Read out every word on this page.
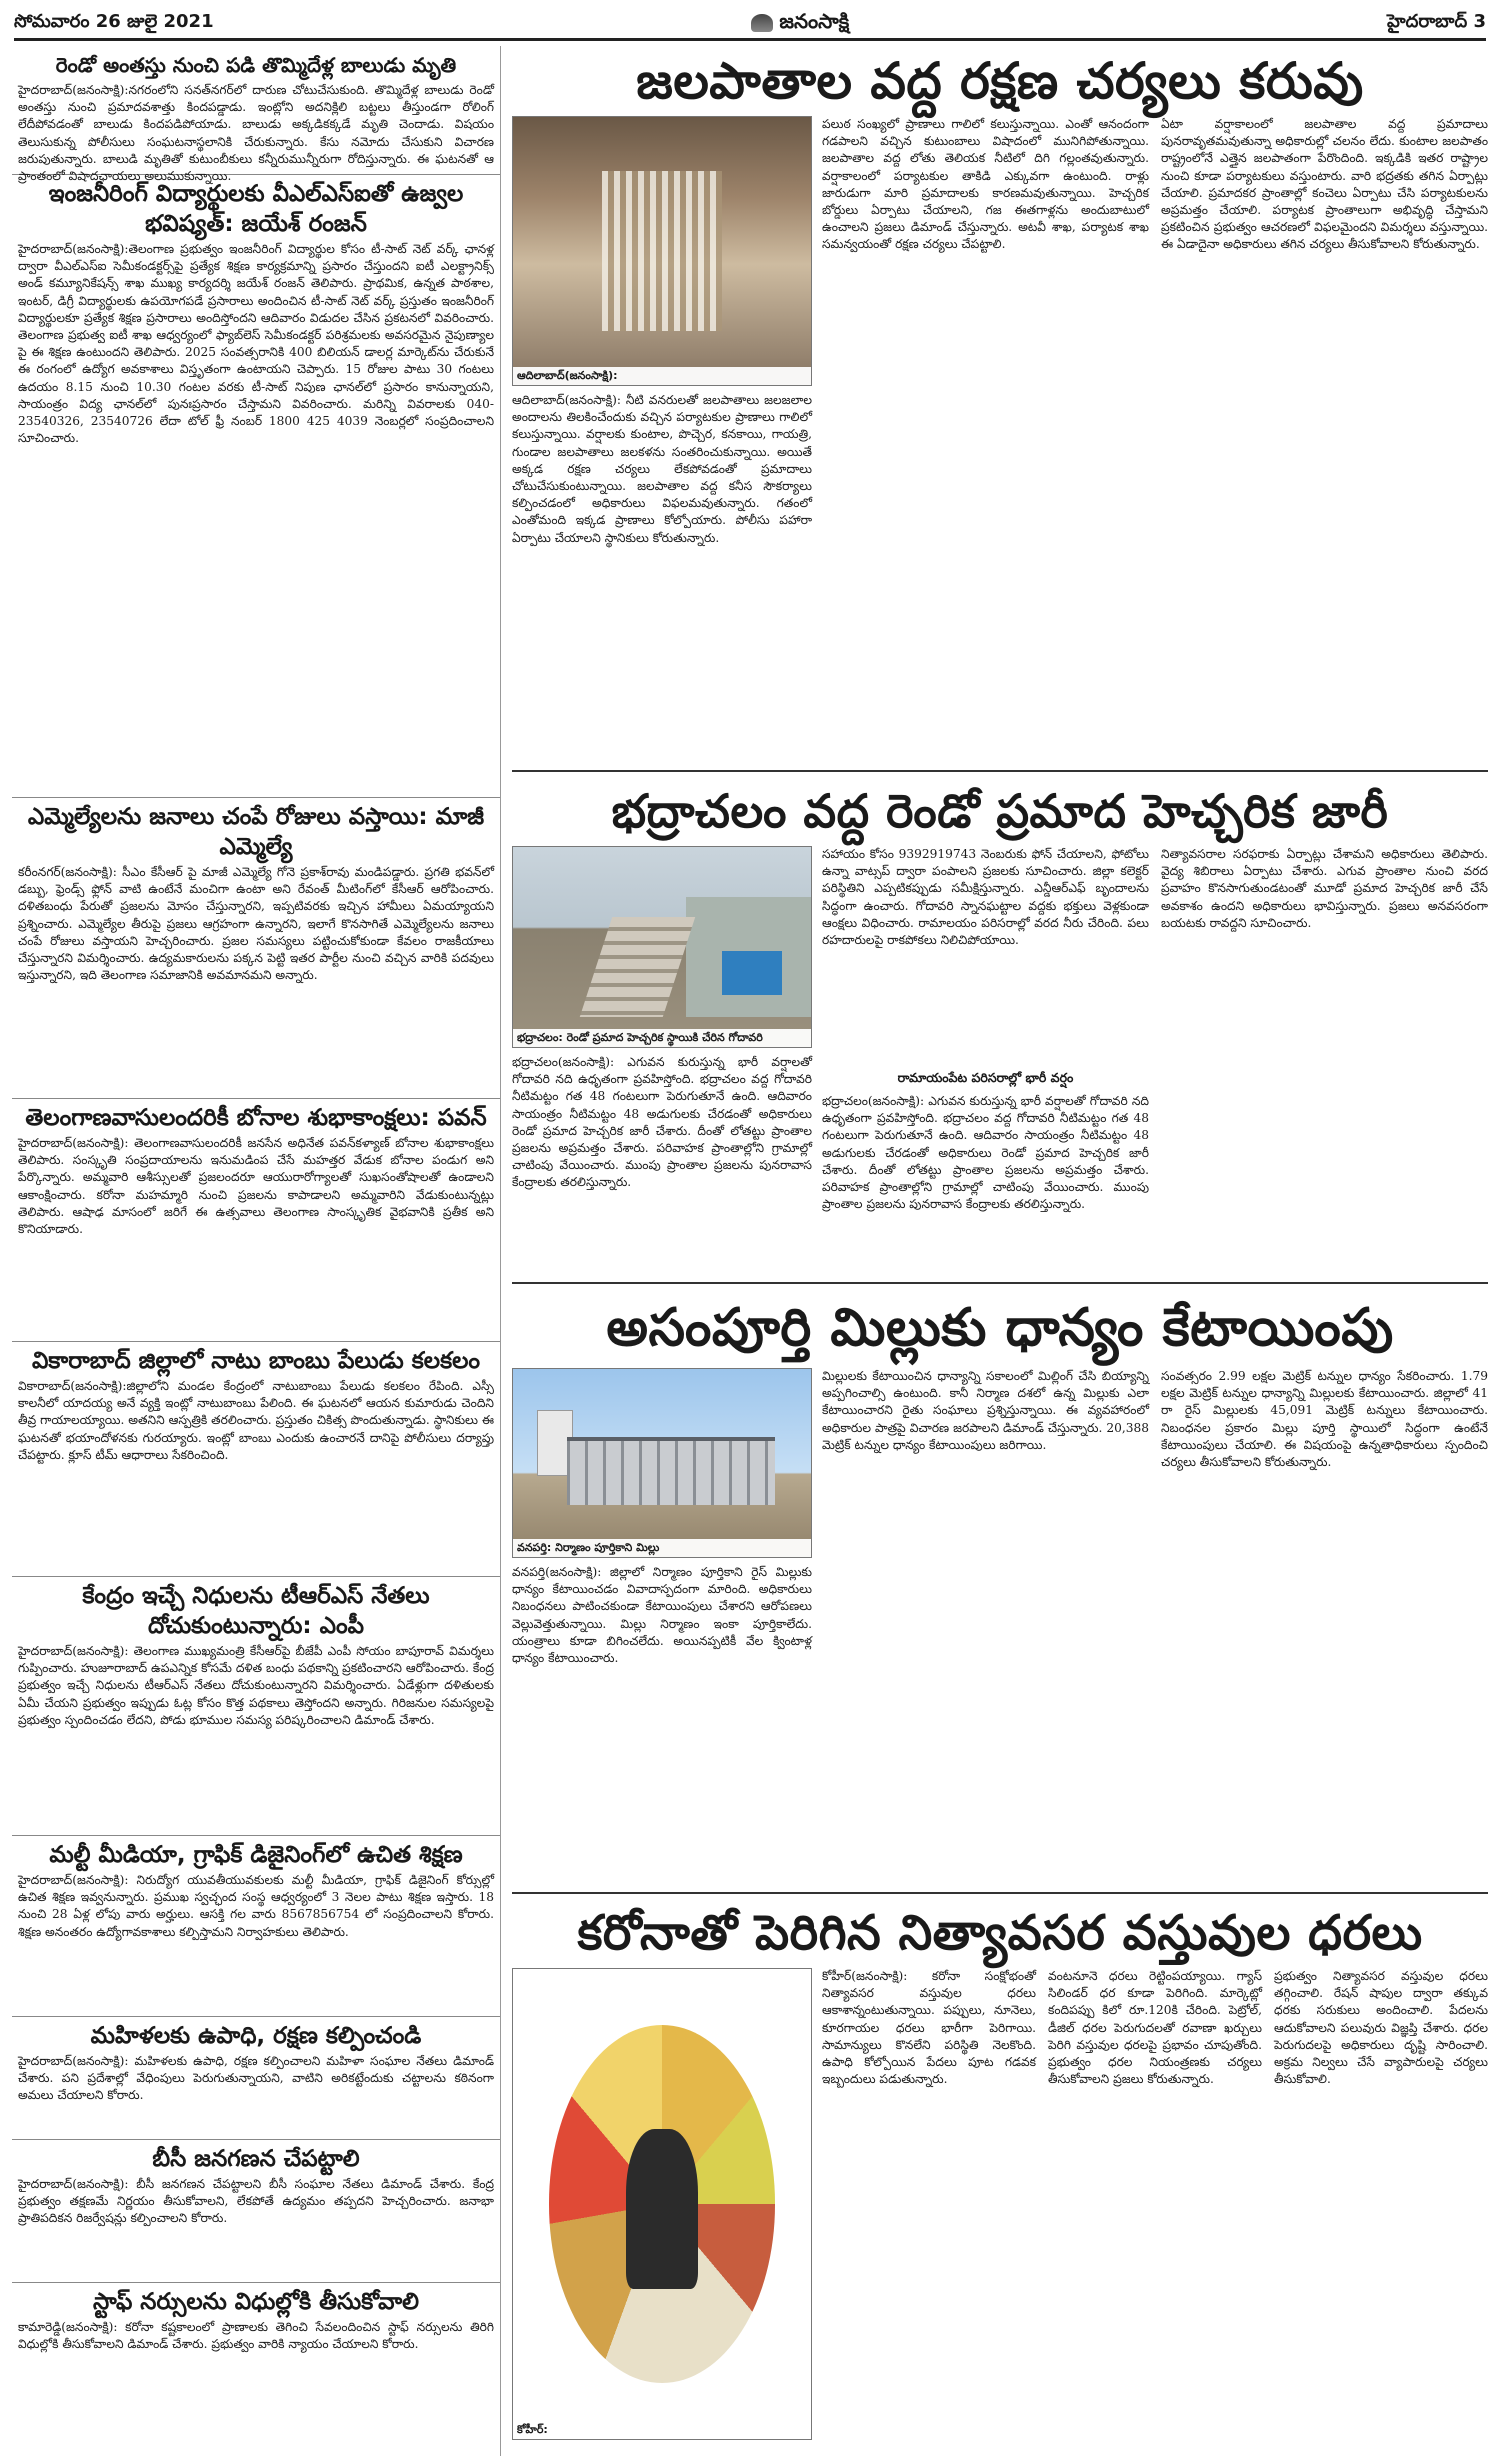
సోమవారం 26 జులై 2021	జనంసాక్షి	హైదరాబాద్ 3
రెండో అంతస్తు నుంచి పడి తొమ్మిదేళ్ల బాలుడు మృతి

హైదరాబాద్‌(జనంసాక్షి):నగరంలోని సనత్‌నగర్‌లో దారుణ చోటుచేసుకుంది. తొమ్మిదేళ్ల బాలుడు రెండో అంతస్తు నుంచి ప్రమాదవశాత్తు కిందపడ్డాడు. ఇంట్లోని అదనిక్లిలి బట్టలు తీస్తుండగా రోలింగ్‌ లేదీపోవడంతో బాలుడు కిందపడిపోయాడు. బాలుడు అక్కడికక్కడే మృతి చెందాడు. విషయం తెలుసుకున్న పోలీసులు సంఘటనాస్థలానికి చేరుకున్నారు. కేసు నమోదు చేసుకుని విచారణ జరుపుతున్నారు. బాలుడి మృతితో కుటుంబీకులు కన్నీరుమున్నీరుగా రోదిస్తున్నారు. ఈ ఘటనతో ఆ ప్రాంతంలో విషాదఛాయలు అలుముకున్నాయి.

ఇంజనీరింగ్‌ విద్యార్థులకు వీఎల్‌ఎస్‌ఐతో ఉజ్వల భవిష్యత్‌: జయేశ్‌ రంజన్‌

హైదరాబాద్‌(జనంసాక్షి):తెలంగాణ ప్రభుత్వం ఇంజనీరింగ్‌ విద్యార్థుల కోసం టీ-సాట్‌ నెట్‌ వర్క్‌ ఛానళ్ల ద్వారా వీఎల్‌ఎస్‌ఐ సెమీకండక్టర్స్‌పై ప్రత్యేక శిక్షణ కార్యక్రమాన్ని ప్రసారం చేస్తుందని ఐటీ ఎలక్ట్రానిక్స్‌ అండ్‌ కమ్యూనికేషన్స్‌ శాఖ ముఖ్య కార్యదర్శి జయేశ్‌ రంజన్‌ తెలిపారు. ప్రాథమిక, ఉన్నత పాఠశాల, ఇంటర్‌, డిగ్రీ విద్యార్థులకు ఉపయోగపడే ప్రసారాలు అందించిన టీ-సాట్‌ నెట్‌ వర్క్‌ ప్రస్తుతం ఇంజనీరింగ్‌ విద్యార్థులకూ ప్రత్యేక శిక్షణ ప్రసారాలు అందిస్తోందని ఆదివారం విడుదల చేసిన ప్రకటనలో వివరించారు. తెలంగాణ ప్రభుత్వ ఐటీ శాఖ ఆధ్వర్యంలో ఫ్యాబ్‌లెస్‌ సెమీకండక్టర్‌ పరిశ్రమలకు అవసరమైన నైపుణ్యాల పై ఈ శిక్షణ ఉంటుందని తెలిపారు. 2025 సంవత్సరానికి 400 బిలియన్‌ డాలర్ల మార్కెట్‌ను చేరుకునే ఈ రంగంలో ఉద్యోగ అవకాశాలు విస్తృతంగా ఉంటాయని చెప్పారు. 15 రోజుల పాటు 30 గంటలు ఉదయం 8.15 నుంచి 10.30 గంటల వరకు టీ-సాట్‌ నిపుణ ఛానల్‌లో ప్రసారం కానున్నాయని, సాయంత్రం విద్య ఛానల్‌లో పునఃప్రసారం చేస్తామని వివరించారు. మరిన్ని వివరాలకు 040-23540326, 23540726 లేదా టోల్‌ ఫ్రీ నంబర్‌ 1800 425 4039 నెంబర్లలో సంప్రదించాలని సూచించారు.

ఎమ్మెల్యేలను జనాలు చంపే రోజులు వస్తాయి: మాజీ ఎమ్మెల్యే

కరీంనగర్‌(జనంసాక్షి): సీఎం కేసీఆర్‌ పై మాజీ ఎమ్మెల్యే గోనె ప్రకాశ్‌రావు మండిపడ్డారు. ప్రగతి భవన్‌లో డబ్బు, ఫ్రెండ్స్‌ ఫ్లోన్‌ వాటి ఉంటేనే మంచిగా ఉంటా అని రేవంత్‌ మీటింగ్‌లో కేసీఆర్‌ ఆరోపించారు. దళితబంధు పేరుతో ప్రజలను మోసం చేస్తున్నారని, ఇప్పటివరకు ఇచ్చిన హామీలు ఏమయ్యాయని ప్రశ్నించారు. ఎమ్మెల్యేల తీరుపై ప్రజలు ఆగ్రహంగా ఉన్నారని, ఇలాగే కొనసాగితే ఎమ్మెల్యేలను జనాలు చంపే రోజులు వస్తాయని హెచ్చరించారు. ప్రజల సమస్యలు పట్టించుకోకుండా కేవలం రాజకీయాలు చేస్తున్నారని విమర్శించారు. ఉద్యమకారులను పక్కన పెట్టి ఇతర పార్టీల నుంచి వచ్చిన వారికి పదవులు ఇస్తున్నారని, ఇది తెలంగాణ సమాజానికి అవమానమని అన్నారు.

తెలంగాణవాసులందరికీ బోనాల శుభాకాంక్షలు: పవన్‌

హైదరాబాద్‌(జనంసాక్షి): తెలంగాణవాసులందరికీ జనసేన అధినేత పవన్‌కళ్యాణ్‌ బోనాల శుభాకాంక్షలు తెలిపారు. సంస్కృతి సంప్రదాయాలను ఇనుమడింప చేసే మహత్తర వేడుక బోనాల పండుగ అని పేర్కొన్నారు. అమ్మవారి ఆశీస్సులతో ప్రజలందరూ ఆయురారోగ్యాలతో సుఖసంతోషాలతో ఉండాలని ఆకాంక్షించారు. కరోనా మహమ్మారి నుంచి ప్రజలను కాపాడాలని అమ్మవారిని వేడుకుంటున్నట్లు తెలిపారు. ఆషాఢ మాసంలో జరిగే ఈ ఉత్సవాలు తెలంగాణ సాంస్కృతిక వైభవానికి ప్రతీక అని కొనియాడారు.

వికారాబాద్‌ జిల్లాలో నాటు బాంబు పేలుడు కలకలం

వికారాబాద్‌(జనంసాక్షి):జిల్లాలోని మండల కేంద్రంలో నాటుబాంబు పేలుడు కలకలం రేపింది. ఎస్సీ కాలనీలో యాదయ్య అనే వ్యక్తి ఇంట్లో నాటుబాంబు పేలింది. ఈ ఘటనలో ఆయన కుమారుడు చెందిని తీవ్ర గాయాలయ్యాయి. అతనిని ఆస్పత్రికి తరలించారు. ప్రస్తుతం చికిత్స పొందుతున్నాడు. స్థానికులు ఈ ఘటనతో భయాందోళనకు గురయ్యారు. ఇంట్లో బాంబు ఎందుకు ఉంచారనే దానిపై పోలీసులు దర్యాప్తు చేపట్టారు. క్లూస్‌ టీమ్‌ ఆధారాలు సేకరించింది.

కేంద్రం ఇచ్చే నిధులను టీఆర్‌ఎస్‌ నేతలు దోచుకుంటున్నారు: ఎంపీ

హైదరాబాద్‌(జనంసాక్షి): తెలంగాణ ముఖ్యమంత్రి కేసీఆర్‌పై బీజేపీ ఎంపీ సోయం బాపూరావ్‌ విమర్శలు గుప్పించారు. హుజూరాబాద్‌ ఉపఎన్నిక కోసమే దళిత బంధు పథకాన్ని ప్రకటించారని ఆరోపించారు. కేంద్ర ప్రభుత్వం ఇచ్చే నిధులను టీఆర్‌ఎస్‌ నేతలు దోచుకుంటున్నారని విమర్శించారు. ఏడేళ్లుగా దళితులకు ఏమీ చేయని ప్రభుత్వం ఇప్పుడు ఓట్ల కోసం కొత్త పథకాలు తెస్తోందని అన్నారు. గిరిజనుల సమస్యలపై ప్రభుత్వం స్పందించడం లేదని, పోడు భూముల సమస్య పరిష్కరించాలని డిమాండ్‌ చేశారు.

మల్టీ మీడియా, గ్రాఫిక్‌ డిజైనింగ్‌లో ఉచిత శిక్షణ

హైదరాబాద్‌(జనంసాక్షి): నిరుద్యోగ యువతీయువకులకు మల్టీ మీడియా, గ్రాఫిక్‌ డిజైనింగ్‌ కోర్సుల్లో ఉచిత శిక్షణ ఇవ్వనున్నారు. ప్రముఖ స్వచ్ఛంద సంస్థ ఆధ్వర్యంలో 3 నెలల పాటు శిక్షణ ఇస్తారు. 18 నుంచి 28 ఏళ్ల లోపు వారు అర్హులు. ఆసక్తి గల వారు 8567856754 లో సంప్రదించాలని కోరారు. శిక్షణ అనంతరం ఉద్యోగావకాశాలు కల్పిస్తామని నిర్వాహకులు తెలిపారు.

మహిళలకు ఉపాధి, రక్షణ కల్పించండి

హైదరాబాద్‌(జనంసాక్షి): మహిళలకు ఉపాధి, రక్షణ కల్పించాలని మహిళా సంఘాల నేతలు డిమాండ్‌ చేశారు. పని ప్రదేశాల్లో వేధింపులు పెరుగుతున్నాయని, వాటిని అరికట్టేందుకు చట్టాలను కఠినంగా అమలు చేయాలని కోరారు.

బీసీ జనగణన చేపట్టాలి

హైదరాబాద్‌(జనంసాక్షి): బీసీ జనగణన చేపట్టాలని బీసీ సంఘాల నేతలు డిమాండ్‌ చేశారు. కేంద్ర ప్రభుత్వం తక్షణమే నిర్ణయం తీసుకోవాలని, లేకపోతే ఉద్యమం తప్పదని హెచ్చరించారు. జనాభా ప్రాతిపదికన రిజర్వేషన్లు కల్పించాలని కోరారు.

స్టాఫ్‌ నర్సులను విధుల్లోకి తీసుకోవాలి

కామారెడ్డి(జనంసాక్షి): కరోనా కష్టకాలంలో ప్రాణాలకు తెగించి సేవలందించిన స్టాఫ్‌ నర్సులను తిరిగి విధుల్లోకి తీసుకోవాలని డిమాండ్‌ చేశారు. ప్రభుత్వం వారికి న్యాయం చేయాలని కోరారు.

జలపాతాల వద్ద రక్షణ చర్యలు కరువు
ఆదిలాబాద్‌(జనంసాక్షి):

ఆదిలాబాద్‌(జనంసాక్షి): నీటి వనరులతో జలపాతాలు జలజలాల అందాలను తిలకించేందుకు వచ్చిన పర్యాటకుల ప్రాణాలు గాలిలో కలుస్తున్నాయి. వర్షాలకు కుంటాల, పొచ్చెర, కనకాయి, గాయత్రి, గుండాల జలపాతాలు జలకళను సంతరించుకున్నాయి. అయితే అక్కడ రక్షణ చర్యలు లేకపోవడంతో ప్రమాదాలు చోటుచేసుకుంటున్నాయి. జలపాతాల వద్ద కనీస సౌకర్యాలు కల్పించడంలో అధికారులు విఫలమవుతున్నారు. గతంలో ఎంతోమంది ఇక్కడ ప్రాణాలు కోల్పోయారు. పోలీసు పహారా ఏర్పాటు చేయాలని స్థానికులు కోరుతున్నారు.

పలుఠ సంఖ్యలో ప్రాణాలు గాలిలో కలుస్తున్నాయి. ఎంతో ఆనందంగా గడపాలని వచ్చిన కుటుంబాలు విషాదంలో మునిగిపోతున్నాయి. జలపాతాల వద్ద లోతు తెలియక నీటిలో దిగి గల్లంతవుతున్నారు. వర్షాకాలంలో పర్యాటకుల తాకిడి ఎక్కువగా ఉంటుంది. రాళ్లు జారుడుగా మారి ప్రమాదాలకు కారణమవుతున్నాయి. హెచ్చరిక బోర్డులు ఏర్పాటు చేయాలని, గజ ఈతగాళ్లను అందుబాటులో ఉంచాలని ప్రజలు డిమాండ్‌ చేస్తున్నారు. అటవీ శాఖ, పర్యాటక శాఖ సమన్వయంతో రక్షణ చర్యలు చేపట్టాలి.

ఏటా వర్షాకాలంలో జలపాతాల వద్ద ప్రమాదాలు పునరావృతమవుతున్నా అధికారుల్లో చలనం లేదు. కుంటాల జలపాతం రాష్ట్రంలోనే ఎత్తైన జలపాతంగా పేరొందింది. ఇక్కడికి ఇతర రాష్ట్రాల నుంచి కూడా పర్యాటకులు వస్తుంటారు. వారి భద్రతకు తగిన ఏర్పాట్లు చేయాలి. ప్రమాదకర ప్రాంతాల్లో కంచెలు ఏర్పాటు చేసి పర్యాటకులను అప్రమత్తం చేయాలి. పర్యాటక ప్రాంతాలుగా అభివృద్ధి చేస్తామని ప్రకటించిన ప్రభుత్వం ఆచరణలో విఫలమైందని విమర్శలు వస్తున్నాయి. ఈ ఏడాదైనా అధికారులు తగిన చర్యలు తీసుకోవాలని కోరుతున్నారు.

భద్రాచలం వద్ద రెండో ప్రమాద హెచ్చరిక జారీ
భద్రాచలం: రెండో ప్రమాద హెచ్చరిక స్థాయికి చేరిన గోదావరి

భద్రాచలం(జనంసాక్షి): ఎగువన కురుస్తున్న భారీ వర్షాలతో గోదావరి నది ఉధృతంగా ప్రవహిస్తోంది. భద్రాచలం వద్ద గోదావరి నీటిమట్టం గత 48 గంటలుగా పెరుగుతూనే ఉంది. ఆదివారం సాయంత్రం నీటిమట్టం 48 అడుగులకు చేరడంతో అధికారులు రెండో ప్రమాద హెచ్చరిక జారీ చేశారు. దీంతో లోతట్టు ప్రాంతాల ప్రజలను అప్రమత్తం చేశారు. పరివాహక ప్రాంతాల్లోని గ్రామాల్లో చాటింపు వేయించారు. ముంపు ప్రాంతాల ప్రజలను పునరావాస కేంద్రాలకు తరలిస్తున్నారు.

సహాయం కోసం 9392919743 నెంబరుకు ఫోన్‌ చేయాలని, ఫోటోలు ఉన్నా వాట్సప్‌ ద్వారా పంపాలని ప్రజలకు సూచించారు. జిల్లా కలెక్టర్‌ పరిస్థితిని ఎప్పటికప్పుడు సమీక్షిస్తున్నారు. ఎన్డీఆర్‌ఎఫ్‌ బృందాలను సిద్ధంగా ఉంచారు. గోదావరి స్నానఘట్టాల వద్దకు భక్తులు వెళ్లకుండా ఆంక్షలు విధించారు. రామాలయం పరిసరాల్లో వరద నీరు చేరింది. పలు రహదారులపై రాకపోకలు నిలిచిపోయాయి.

రామాయంపేట పరిసరాల్లో భారీ వర్షం

భద్రాచలం(జనంసాక్షి): ఎగువన కురుస్తున్న భారీ వర్షాలతో గోదావరి నది ఉధృతంగా ప్రవహిస్తోంది. భద్రాచలం వద్ద గోదావరి నీటిమట్టం గత 48 గంటలుగా పెరుగుతూనే ఉంది. ఆదివారం సాయంత్రం నీటిమట్టం 48 అడుగులకు చేరడంతో అధికారులు రెండో ప్రమాద హెచ్చరిక జారీ చేశారు. దీంతో లోతట్టు ప్రాంతాల ప్రజలను అప్రమత్తం చేశారు. పరివాహక ప్రాంతాల్లోని గ్రామాల్లో చాటింపు వేయించారు. ముంపు ప్రాంతాల ప్రజలను పునరావాస కేంద్రాలకు తరలిస్తున్నారు.

నిత్యావసరాల సరఫరాకు ఏర్పాట్లు చేశామని అధికారులు తెలిపారు. వైద్య శిబిరాలు ఏర్పాటు చేశారు. ఎగువ ప్రాంతాల నుంచి వరద ప్రవాహం కొనసాగుతుండటంతో మూడో ప్రమాద హెచ్చరిక జారీ చేసే అవకాశం ఉందని అధికారులు భావిస్తున్నారు. ప్రజలు అనవసరంగా బయటకు రావద్దని సూచించారు.

అసంపూర్తి మిల్లుకు ధాన్యం కేటాయింపు
వనపర్తి: నిర్మాణం పూర్తికాని మిల్లు

వనపర్తి(జనంసాక్షి): జిల్లాలో నిర్మాణం పూర్తికాని రైస్‌ మిల్లుకు ధాన్యం కేటాయించడం వివాదాస్పదంగా మారింది. అధికారులు నిబంధనలు పాటించకుండా కేటాయింపులు చేశారని ఆరోపణలు వెల్లువెత్తుతున్నాయి. మిల్లు నిర్మాణం ఇంకా పూర్తికాలేదు. యంత్రాలు కూడా బిగించలేదు. అయినప్పటికీ వేల క్వింటాళ్ల ధాన్యం కేటాయించారు.

మిల్లులకు కేటాయించిన ధాన్యాన్ని సకాలంలో మిల్లింగ్‌ చేసి బియ్యాన్ని అప్పగించాల్సి ఉంటుంది. కానీ నిర్మాణ దశలో ఉన్న మిల్లుకు ఎలా కేటాయించారని రైతు సంఘాలు ప్రశ్నిస్తున్నాయి. ఈ వ్యవహారంలో అధికారుల పాత్రపై విచారణ జరపాలని డిమాండ్‌ చేస్తున్నారు. 20,388 మెట్రిక్‌ టన్నుల ధాన్యం కేటాయింపులు జరిగాయి.

సంవత్సరం 2.99 లక్షల మెట్రిక్‌ టన్నుల ధాన్యం సేకరించారు. 1.79 లక్షల మెట్రిక్‌ టన్నుల ధాన్యాన్ని మిల్లులకు కేటాయించారు. జిల్లాలో 41 రా రైస్‌ మిల్లులకు 45,091 మెట్రిక్‌ టన్నులు కేటాయించారు. నిబంధనల ప్రకారం మిల్లు పూర్తి స్థాయిలో సిద్ధంగా ఉంటేనే కేటాయింపులు చేయాలి. ఈ విషయంపై ఉన్నతాధికారులు స్పందించి చర్యలు తీసుకోవాలని కోరుతున్నారు.

కరోనాతో పెరిగిన నిత్యావసర వస్తువుల ధరలు
కోహీర్‌:

కోహీర్‌(జనంసాక్షి): కరోనా సంక్షోభంతో నిత్యావసర వస్తువుల ధరలు ఆకాశాన్నంటుతున్నాయి. పప్పులు, నూనెలు, కూరగాయల ధరలు భారీగా పెరిగాయి. సామాన్యులు కొనలేని పరిస్థితి నెలకొంది. ఉపాధి కోల్పోయిన పేదలు పూట గడవక ఇబ్బందులు పడుతున్నారు.

వంటనూనె ధరలు రెట్టింపయ్యాయి. గ్యాస్‌ సిలిండర్‌ ధర కూడా పెరిగింది. మార్కెట్లో కందిపప్పు కిలో రూ.120కి చేరింది. పెట్రోల్‌, డీజిల్‌ ధరల పెరుగుదలతో రవాణా ఖర్చులు పెరిగి వస్తువుల ధరలపై ప్రభావం చూపుతోంది. ప్రభుత్వం ధరల నియంత్రణకు చర్యలు తీసుకోవాలని ప్రజలు కోరుతున్నారు.

ప్రభుత్వం నిత్యావసర వస్తువుల ధరలు తగ్గించాలి. రేషన్‌ షాపుల ద్వారా తక్కువ ధరకు సరుకులు అందించాలి. పేదలను ఆదుకోవాలని పలువురు విజ్ఞప్తి చేశారు. ధరల పెరుగుదలపై అధికారులు దృష్టి సారించాలి. అక్రమ నిల్వలు చేసే వ్యాపారులపై చర్యలు తీసుకోవాలి.
